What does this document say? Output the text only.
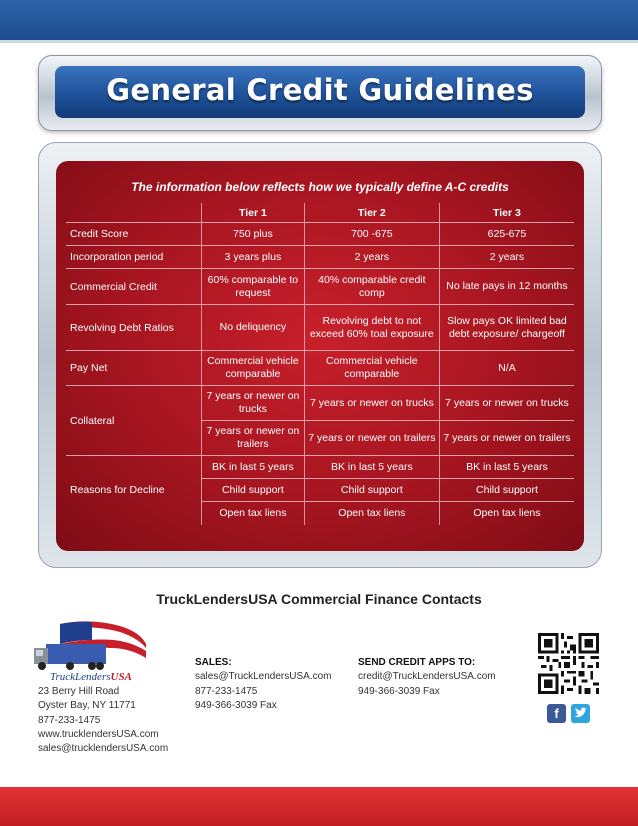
General Credit Guidelines
The information below reflects how we typically define A-C credits
	Tier 1	Tier 2	Tier 3
Credit Score	750 plus	700 -675	625-675
Incorporation period	3 years plus	2 years	2 years
Commercial Credit	60% comparable to request	40% comparable credit comp	No late pays in 12 months
Revolving Debt Ratios	No deliquency	Revolving debt to not exceed 60% toal exposure	Slow pays OK limited bad debt exposure/ chargeoff
Pay Net	Commercial vehicle comparable	Commercial vehicle comparable	N/A
Collateral	7 years or newer on trucks	7 years or newer on trucks	7 years or newer on trucks
	7 years or newer on trailers	7 years or newer on trailers	7 years or newer on trailers
Reasons for Decline	BK in last 5 years	BK in last 5 years	BK in last 5 years
	Child support	Child support	Child support
	Open tax liens	Open tax liens	Open tax liens
TruckLendersUSA Commercial Finance Contacts
TruckLendersUSA
23 Berry Hill Road
Oyster Bay, NY 11771
877-233-1475
www.trucklendersUSA.com
sales@trucklendersUSA.com
SALES:
sales@TruckLendersUSA.com
877-233-1475
949-366-3039 Fax
SEND CREDIT APPS TO:
credit@TruckLendersUSA.com
949-366-3039 Fax
f
